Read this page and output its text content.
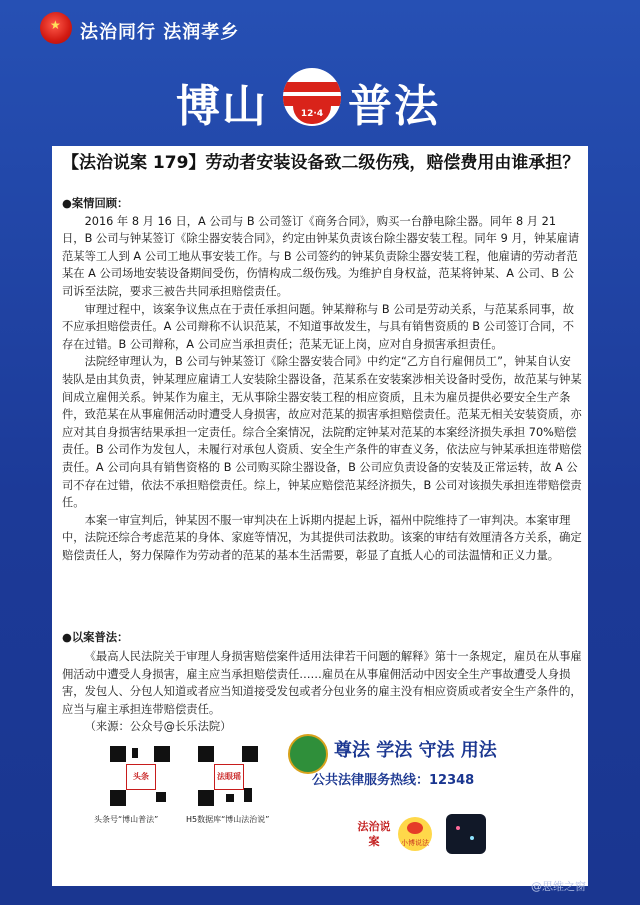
★ 法治同行 法润孝乡
博山	12·4 普法
【法治说案 179】劳动者安装设备致二级伤残，赔偿费用由谁承担？
●案情回顾：

2016 年 8 月 16 日，A 公司与 B 公司签订《商务合同》，购买一台静电除尘器。同年 8 月 21 日，B 公司与钟某签订《除尘器安装合同》，约定由钟某负责该台除尘器安装工程。同年 9 月，钟某雇请范某等工人到 A 公司工地从事安装工作。与 B 公司签约的钟某负责除尘器安装工程，他雇请的劳动者范某在 A 公司场地安装设备期间受伤，伤情构成二级伤残。为维护自身权益，范某将钟某、A 公司、B 公司诉至法院，要求三被告共同承担赔偿责任。

审理过程中，该案争议焦点在于责任承担问题。钟某辩称与 B 公司是劳动关系，与范某系同事，故不应承担赔偿责任。A 公司辩称不认识范某，不知道事故发生，与具有销售资质的 B 公司签订合同，不存在过错。B 公司辩称，A 公司应当承担责任；范某无证上岗，应对自身损害承担责任。

法院经审理认为，B 公司与钟某签订《除尘器安装合同》中约定“乙方自行雇佣员工”，钟某自认安装队是由其负责，钟某理应雇请工人安装除尘器设备，范某系在安装案涉相关设备时受伤，故范某与钟某间成立雇佣关系。钟某作为雇主，无从事除尘器安装工程的相应资质，且未为雇员提供必要安全生产条件，致范某在从事雇佣活动时遭受人身损害，故应对范某的损害承担赔偿责任。范某无相关安装资质，亦应对其自身损害结果承担一定责任。综合全案情况，法院酌定钟某对范某的本案经济损失承担 70%赔偿责任。B 公司作为发包人，未履行对承包人资质、安全生产条件的审查义务，依法应与钟某承担连带赔偿责任。A 公司向具有销售资格的 B 公司购买除尘器设备，B 公司应负责设备的安装及正常运转，故 A 公司不存在过错，依法不承担赔偿责任。综上，钟某应赔偿范某经济损失，B 公司对该损失承担连带赔偿责任。

本案一审宣判后，钟某因不服一审判决在上诉期内提起上诉，福州中院维持了一审判决。本案审理中，法院还综合考虑范某的身体、家庭等情况，为其提供司法救助。该案的审结有效厘清各方关系，确定赔偿责任人，努力保障作为劳动者的范某的基本生活需要，彰显了直抵人心的司法温情和正义力量。

●以案普法：

《最高人民法院关于审理人身损害赔偿案件适用法律若干问题的解释》第十一条规定，雇员在从事雇佣活动中遭受人身损害，雇主应当承担赔偿责任……雇员在从事雇佣活动中因安全生产事故遭受人身损害，发包人、分包人知道或者应当知道接受发包或者分包业务的雇主没有相应资质或者安全生产条件的，应当与雇主承担连带赔偿责任。

（来源：公众号@长乐法院）

头条
头条号“博山普法”
法眼瑶
H5数据库“博山法治说”
尊法 学法 守法 用法
公共法律服务热线：12348
区司法局 博山区普法办
法治说案	小博说法
@思维之窗
